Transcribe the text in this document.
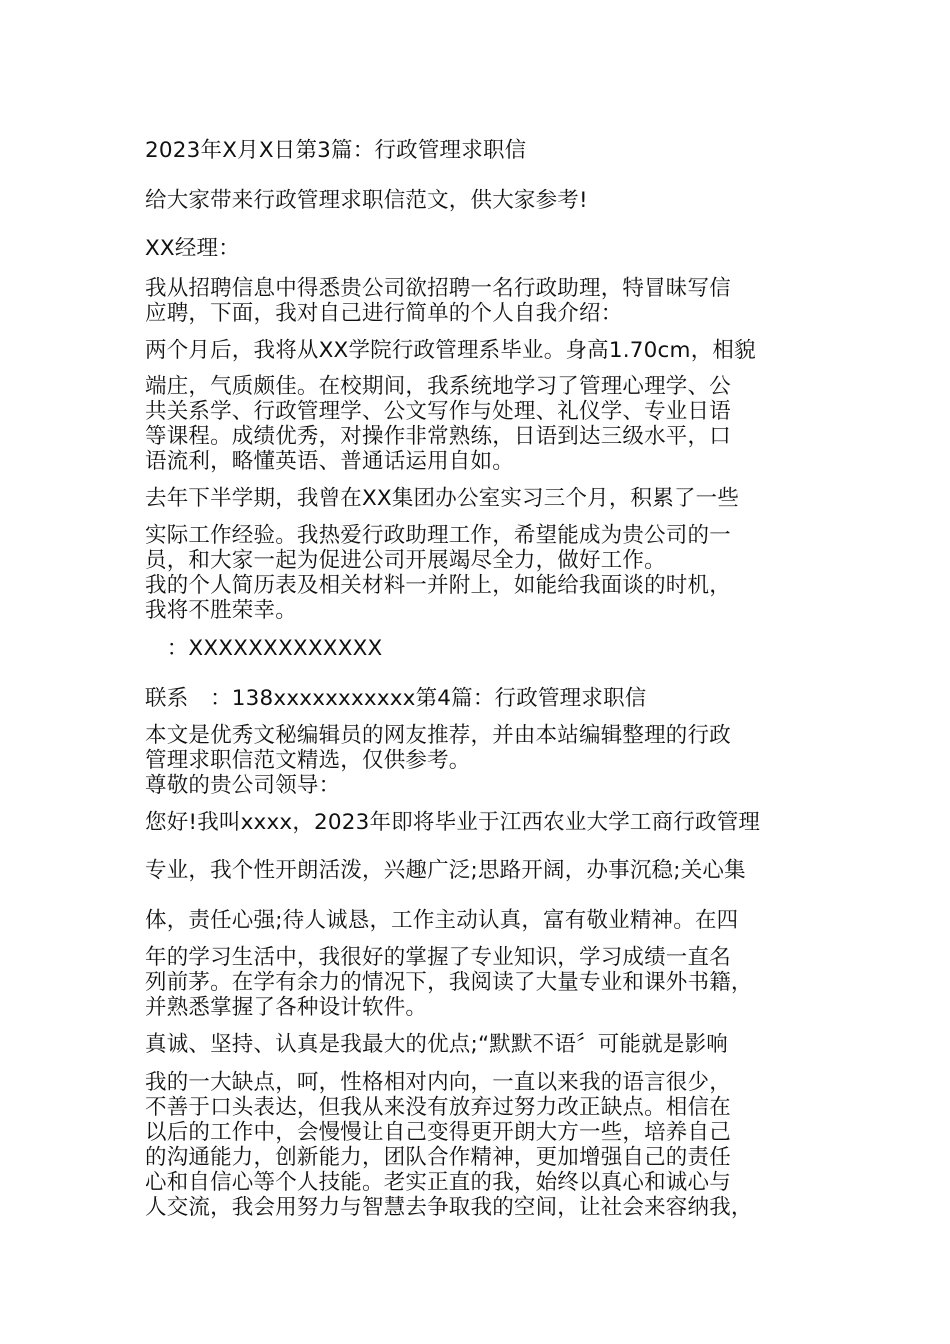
2023年X月X日第3篇：行政管理求职信

给大家带来行政管理求职信范文，供大家参考!

XX经理：

我从招聘信息中得悉贵公司欲招聘一名行政助理，特冒昧写信

应聘，下面，我对自己进行简单的个人自我介绍：

两个月后，我将从XX学院行政管理系毕业。身高1.70cm，相貌

端庄，气质颇佳。在校期间，我系统地学习了管理心理学、公

共关系学、行政管理学、公文写作与处理、礼仪学、专业日语

等课程。成绩优秀，对操作非常熟练，日语到达三级水平，口

语流利，略懂英语、普通话运用自如。

去年下半学期，我曾在XX集团办公室实习三个月，积累了一些

实际工作经验。我热爱行政助理工作，希望能成为贵公司的一

员，和大家一起为促进公司开展竭尽全力，做好工作。

我的个人简历表及相关材料一并附上，如能给我面谈的时机，

我将不胜荣幸。

　：XXXXXXXXXXXXX

联系　：138xxxxxxxxxxx第4篇：行政管理求职信

本文是优秀文秘编辑员的网友推荐，并由本站编辑整理的行政

管理求职信范文精选，仅供参考。

尊敬的贵公司领导：

您好!我叫xxxx，2023年即将毕业于江西农业大学工商行政管理

专业，我个性开朗活泼，兴趣广泛;思路开阔，办事沉稳;关心集

体，责任心强;待人诚恳，工作主动认真，富有敬业精神。在四

年的学习生活中，我很好的掌握了专业知识，学习成绩一直名

列前茅。在学有余力的情况下，我阅读了大量专业和课外书籍，

并熟悉掌握了各种设计软件。

真诚、坚持、认真是我最大的优点;“默默不语〞可能就是影响

我的一大缺点，呵，性格相对内向，一直以来我的语言很少，

不善于口头表达，但我从来没有放弃过努力改正缺点。相信在

以后的工作中，会慢慢让自己变得更开朗大方一些，培养自己

的沟通能力，创新能力，团队合作精神，更加增强自己的责任

心和自信心等个人技能。老实正直的我，始终以真心和诚心与

人交流，我会用努力与智慧去争取我的空间，让社会来容纳我，
